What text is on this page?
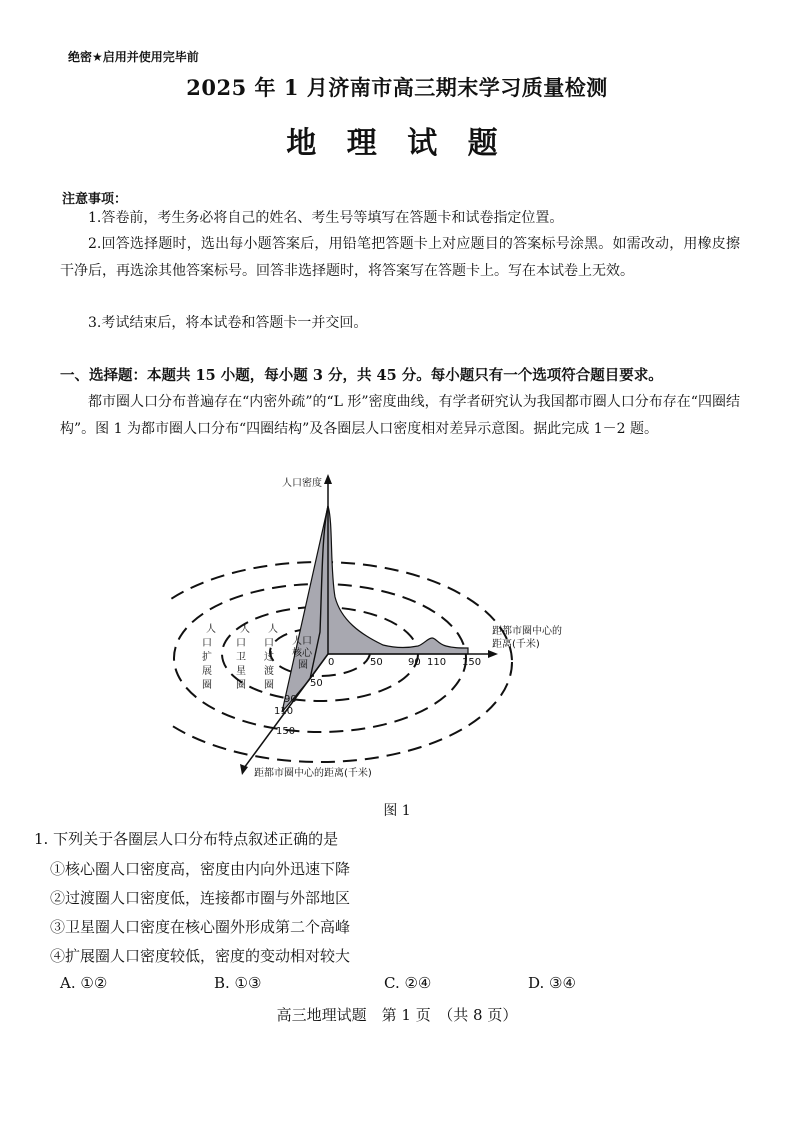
绝密★启用并使用完毕前
2025 年 1 月济南市高三期末学习质量检测
地 理 试 题
注意事项：
1.答卷前，考生务必将自己的姓名、考生号等填写在答题卡和试卷指定位置。
2.回答选择题时，选出每小题答案后，用铅笔把答题卡上对应题目的答案标号涂黑。如需改动，用橡皮擦干净后，再选涂其他答案标号。回答非选择题时，将答案写在答题卡上。写在本试卷上无效。
3.考试结束后，将本试卷和答题卡一并交回。
一、选择题：本题共 15 小题，每小题 3 分，共 45 分。每小题只有一个选项符合题目要求。
都市圈人口分布普遍存在“内密外疏”的“L 形”密度曲线，有学者研究认为我国都市圈人口分布存在“四圈结构”。图 1 为都市圈人口分布“四圈结构”及各圈层人口密度相对差异示意图。据此完成 1－2 题。
人口密度
距都市圈中心的
距离(千米)
距都市圈中心的距离(千米)
0	50	90 110 150
50
90
110
150
人口
核心
圈
人
口
过
渡
圈
人
口
卫
星
圈
人
口
扩
展
圈
图 1
1. 下列关于各圈层人口分布特点叙述正确的是
①核心圈人口密度高，密度由内向外迅速下降
②过渡圈人口密度低，连接都市圈与外部地区
③卫星圈人口密度在核心圈外形成第二个高峰
④扩展圈人口密度较低，密度的变动相对较大
A. ①②	B. ①③	C. ②④	D. ③④
高三地理试题　第 1 页　（共 8 页）
